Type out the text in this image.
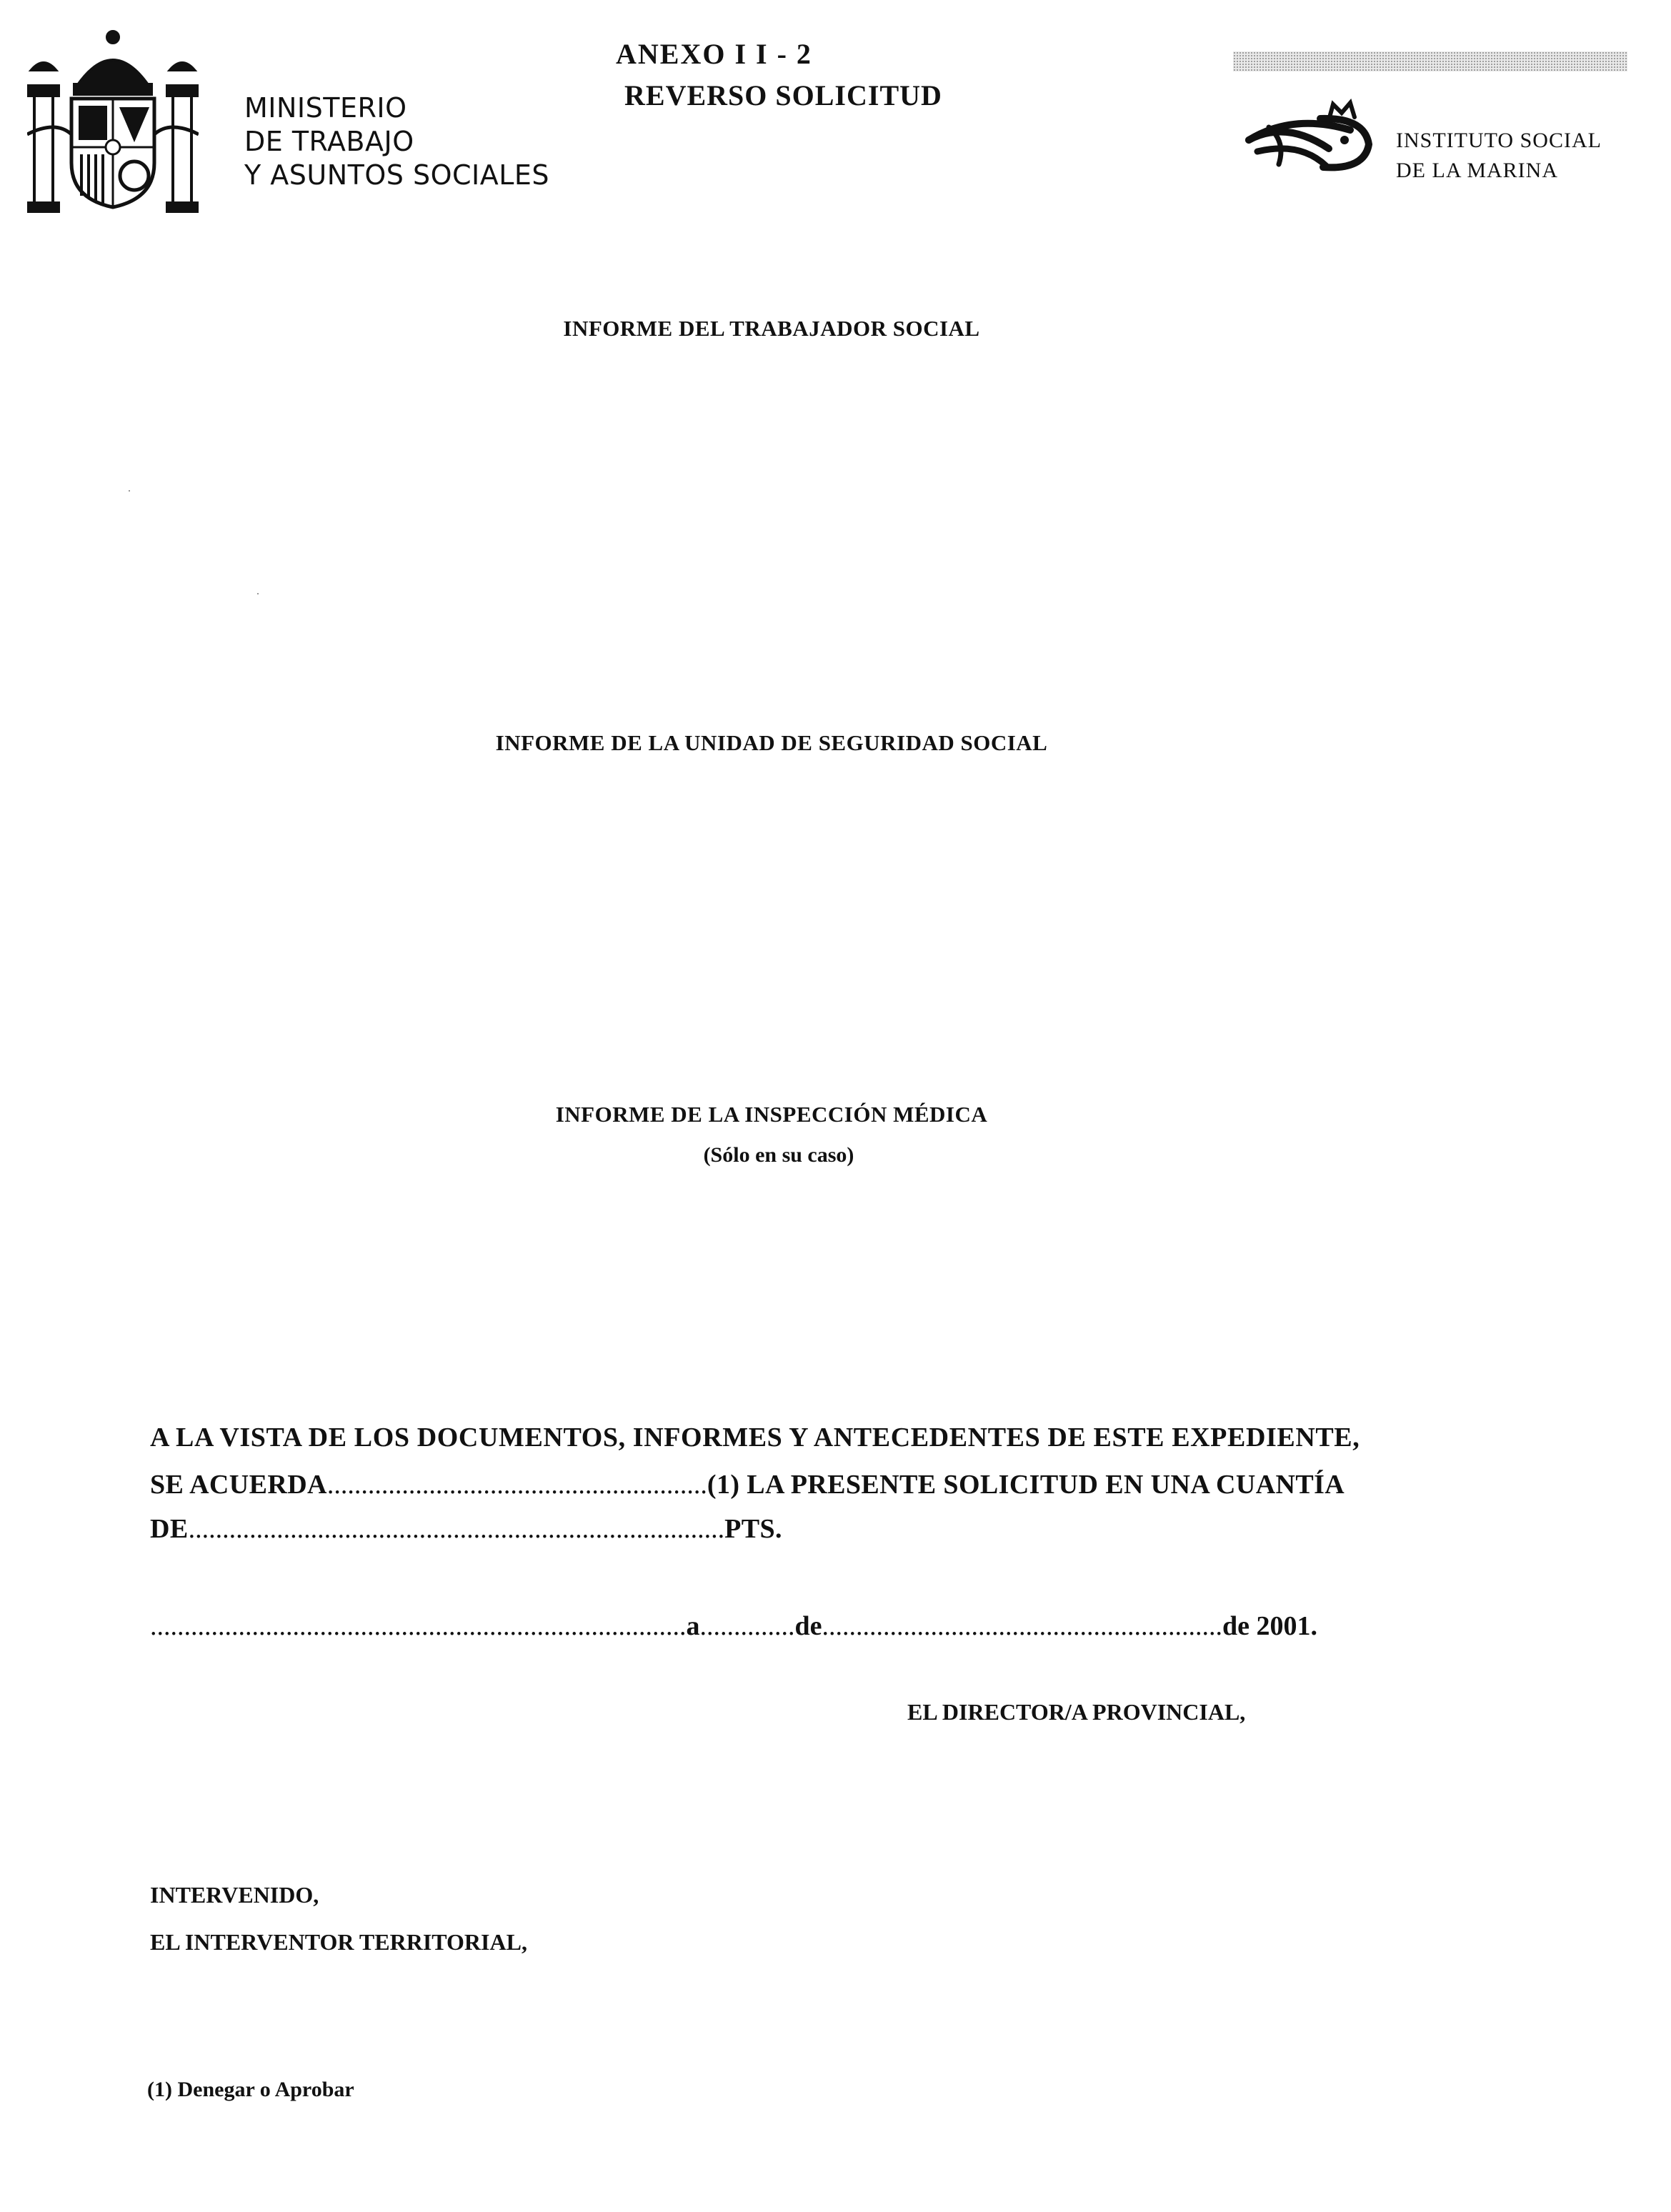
MINISTERIO
DE TRABAJO
Y ASUNTOS SOCIALES
ANEXO I I - 2
REVERSO SOLICITUD
INSTITUTO SOCIAL
DE LA MARINA
INFORME DEL TRABAJADOR SOCIAL
INFORME DE LA UNIDAD DE SEGURIDAD SOCIAL
INFORME DE LA INSPECCIÓN MÉDICA
(Sólo en su caso)
A LA VISTA DE LOS DOCUMENTOS, INFORMES Y ANTECEDENTES DE ESTE EXPEDIENTE,
SE ACUERDA........................................................(1) LA PRESENTE SOLICITUD EN UNA CUANTÍA
DE...............................................................................PTS.
...............................................................................a..............de...........................................................de 2001.
EL DIRECTOR/A PROVINCIAL,
INTERVENIDO,
EL INTERVENTOR TERRITORIAL,
(1) Denegar o Aprobar
